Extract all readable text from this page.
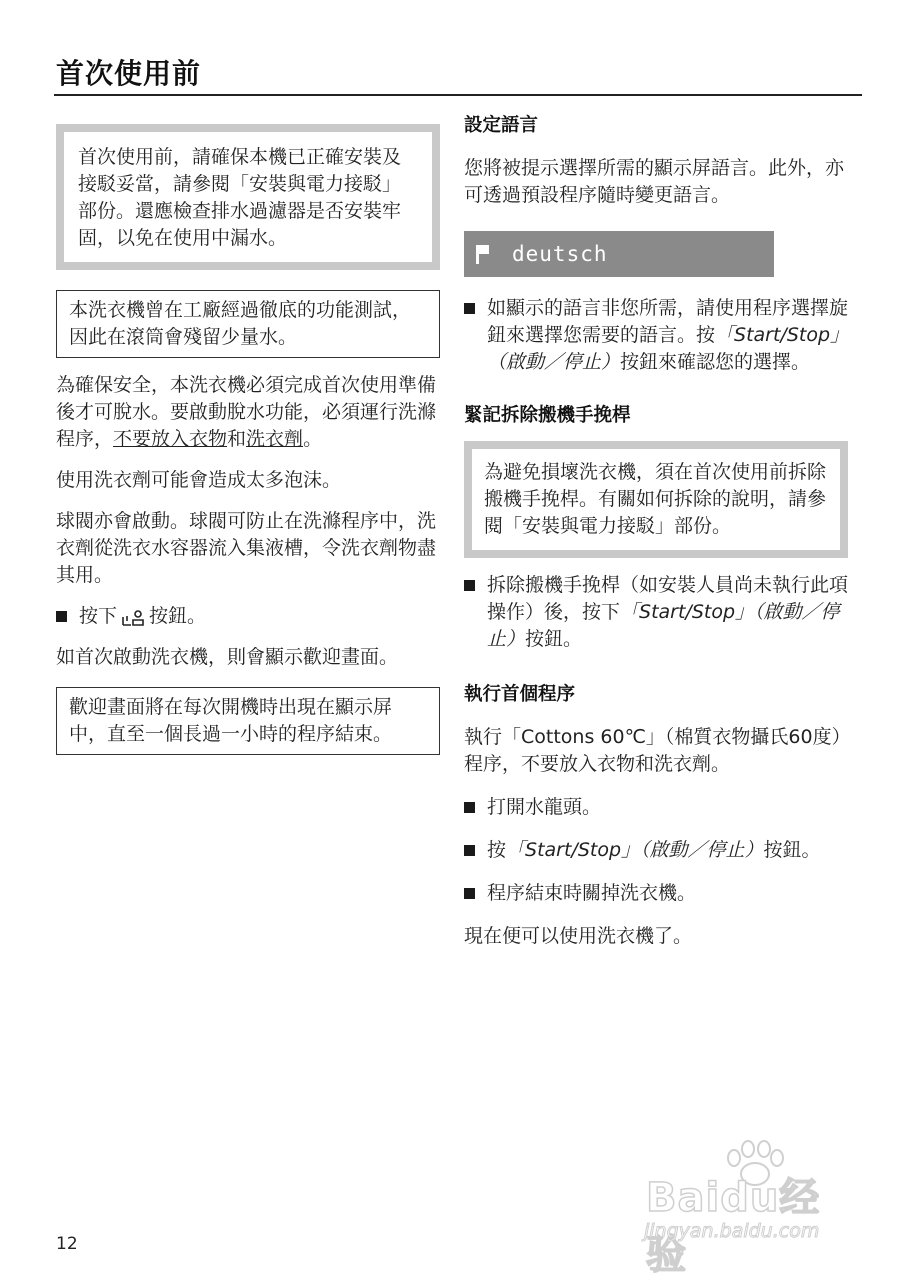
首次使用前

首次使用前，請確保本機已正確安裝及接駁妥當，請參閱「安裝與電力接駁」部份。還應檢查排水過濾器是否安裝牢固，以免在使用中漏水。

本洗衣機曾在工廠經過徹底的功能測試，因此在滾筒會殘留少量水。

為確保安全，本洗衣機必須完成首次使用準備後才可脫水。要啟動脫水功能，必須運行洗滌程序，不要放入衣物和洗衣劑。

使用洗衣劑可能會造成太多泡沫。

球閥亦會啟動。球閥可防止在洗滌程序中，洗衣劑從洗衣水容器流入集液槽，令洗衣劑物盡其用。

按下 按鈕。

如首次啟動洗衣機，則會顯示歡迎畫面。

歡迎畫面將在每次開機時出現在顯示屏中，直至一個長過一小時的程序結束。

設定語言

您將被提示選擇所需的顯示屏語言。此外，亦可透過預設程序隨時變更語言。

deutsch
如顯示的語言非您所需，請使用程序選擇旋鈕來選擇您需要的語言。按「Start/Stop」（啟動／停止）按鈕來確認您的選擇。
緊記拆除搬機手挽桿

為避免損壞洗衣機，須在首次使用前拆除搬機手挽桿。有關如何拆除的說明，請參閱「安裝與電力接駁」部份。

拆除搬機手挽桿（如安裝人員尚未執行此項操作）後，按下「Start/Stop」（啟動／停止）按鈕。
執行首個程序

執行「Cottons 60℃」（棉質衣物攝氏60度）程序，不要放入衣物和洗衣劑。

打開水龍頭。
按「Start/Stop」（啟動／停止）按鈕。
程序結束時關掉洗衣機。

現在便可以使用洗衣機了。

12
Baidu经验
jingyan.baidu.com
